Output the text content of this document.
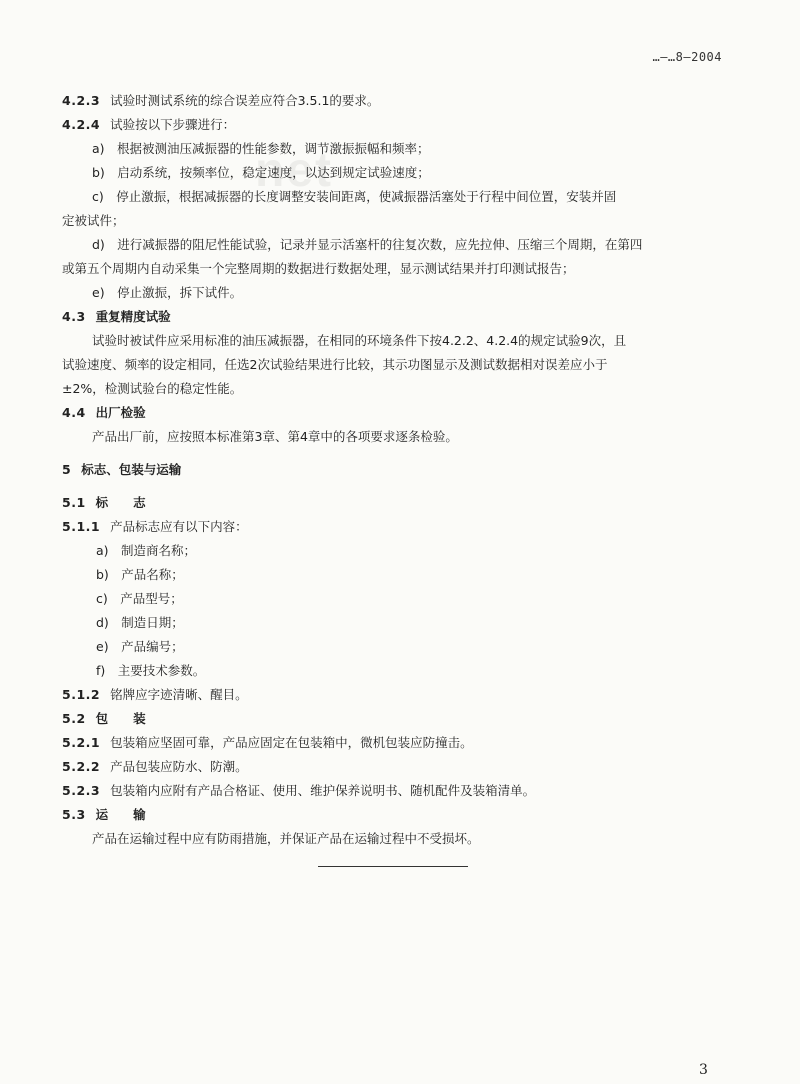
net
…—…8—2004
4.2.3 试验时测试系统的综合误差应符合3.5.1的要求。
4.2.4 试验按以下步骤进行：
a)　根据被测油压减振器的性能参数，调节激振振幅和频率；
b)　启动系统，按频率位，稳定速度，以达到规定试验速度；
c)　停止激振，根据减振器的长度调整安装间距离，使减振器活塞处于行程中间位置，安装并固
定被试件；
d)　进行减振器的阻尼性能试验，记录并显示活塞杆的往复次数，应先拉伸、压缩三个周期，在第四
或第五个周期内自动采集一个完整周期的数据进行数据处理，显示测试结果并打印测试报告；
e)　停止激振，拆下试件。
4.3 重复精度试验
试验时被试件应采用标准的油压减振器，在相同的环境条件下按4.2.2、4.2.4的规定试验9次，且
试验速度、频率的设定相同，任选2次试验结果进行比较，其示功图显示及测试数据相对误差应小于
±2%，检测试验台的稳定性能。
4.4 出厂检验
产品出厂前，应按照本标准第3章、第4章中的各项要求逐条检验。
5 标志、包装与运输
5.1 标　　志
5.1.1 产品标志应有以下内容：
a)　制造商名称；
b)　产品名称；
c)　产品型号；
d)　制造日期；
e)　产品编号；
f)　主要技术参数。
5.1.2 铭牌应字迹清晰、醒目。
5.2 包　　装
5.2.1 包装箱应坚固可靠，产品应固定在包装箱中，微机包装应防撞击。
5.2.2 产品包装应防水、防潮。
5.2.3 包装箱内应附有产品合格证、使用、维护保养说明书、随机配件及装箱清单。
5.3 运　　输
产品在运输过程中应有防雨措施，并保证产品在运输过程中不受损坏。
3
